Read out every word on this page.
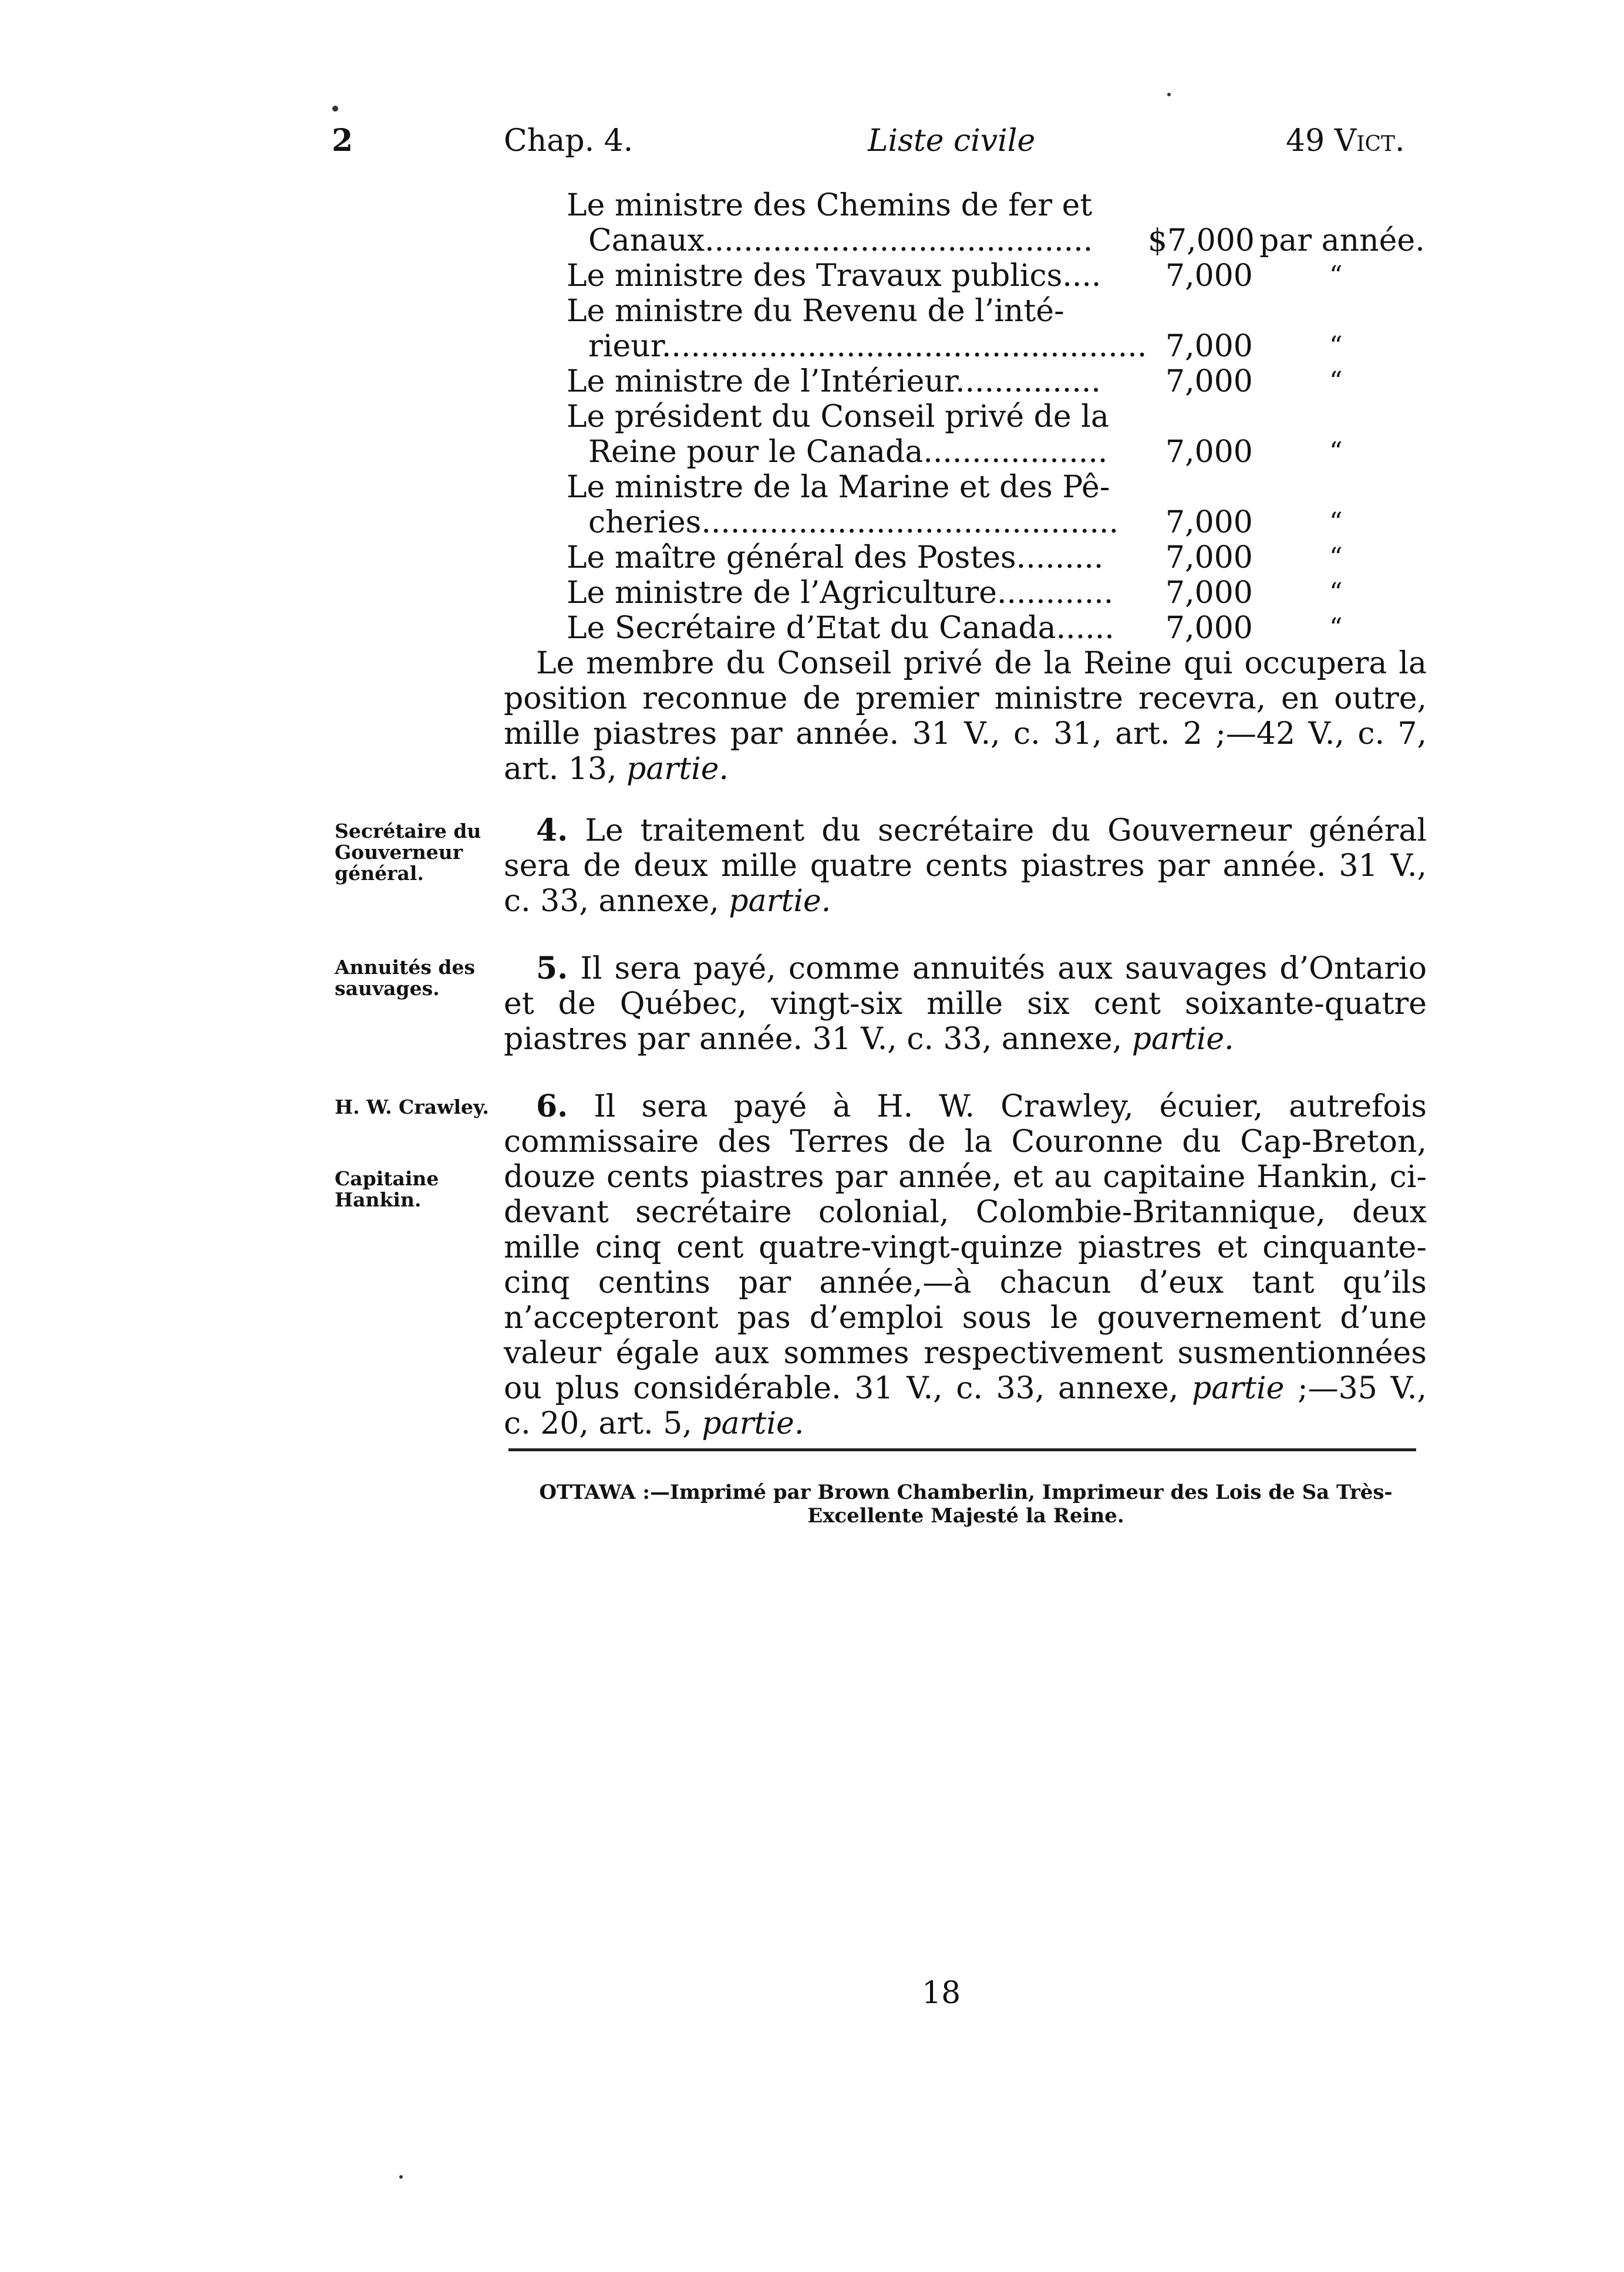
2	Chap. 4.	Liste civile	49 Vict.
Le ministre des Chemins de fer et
Canaux........................................ $7,000 par année.
Le ministre des Travaux publics.... 7,000	“
Le ministre du Revenu de l’inté-
rieur.................................................. 7,000	“
Le ministre de l’Intérieur............... 7,000	“
Le président du Conseil privé de la
Reine pour le Canada................... 7,000	“
Le ministre de la Marine et des Pê-
cheries........................................... 7,000	“
Le maître général des Postes......... 7,000	“
Le ministre de l’Agriculture............ 7,000	“
Le Secrétaire d’Etat du Canada...... 7,000	“
Le membre du Conseil privé de la Reine qui occupera la position reconnue de premier ministre recevra, en outre, mille piastres par année. 31 V., c. 31, art. 2 ;—42 V., c. 7, art. 13, partie.
Secrétaire du Gouverneur général.
4. Le traitement du secrétaire du Gouverneur général sera de deux mille quatre cents piastres par année. 31 V., c. 33, annexe, partie.
Annuités des sauvages.
5. Il sera payé, comme annuités aux sauvages d’Ontario et de Québec, vingt-six mille six cent soixante-quatre piastres par année. 31 V., c. 33, annexe, partie.
H. W. Crawley.
Capitaine Hankin.
6. Il sera payé à H. W. Crawley, écuier, autrefois commissaire des Terres de la Couronne du Cap-Breton, douze cents piastres par année, et au capitaine Hankin, ci-devant secrétaire colonial, Colombie-Britannique, deux mille cinq cent quatre-vingt-quinze piastres et cinquante-cinq centins par année,—à chacun d’eux tant qu’ils n’accepteront pas d’emploi sous le gouvernement d’une valeur égale aux sommes respectivement susmentionnées ou plus considérable. 31 V., c. 33, annexe, partie ;—35 V., c. 20, art. 5, partie.
OTTAWA :—Imprimé par Brown Chamberlin, Imprimeur des Lois de Sa Très-
Excellente Majesté la Reine.
18
